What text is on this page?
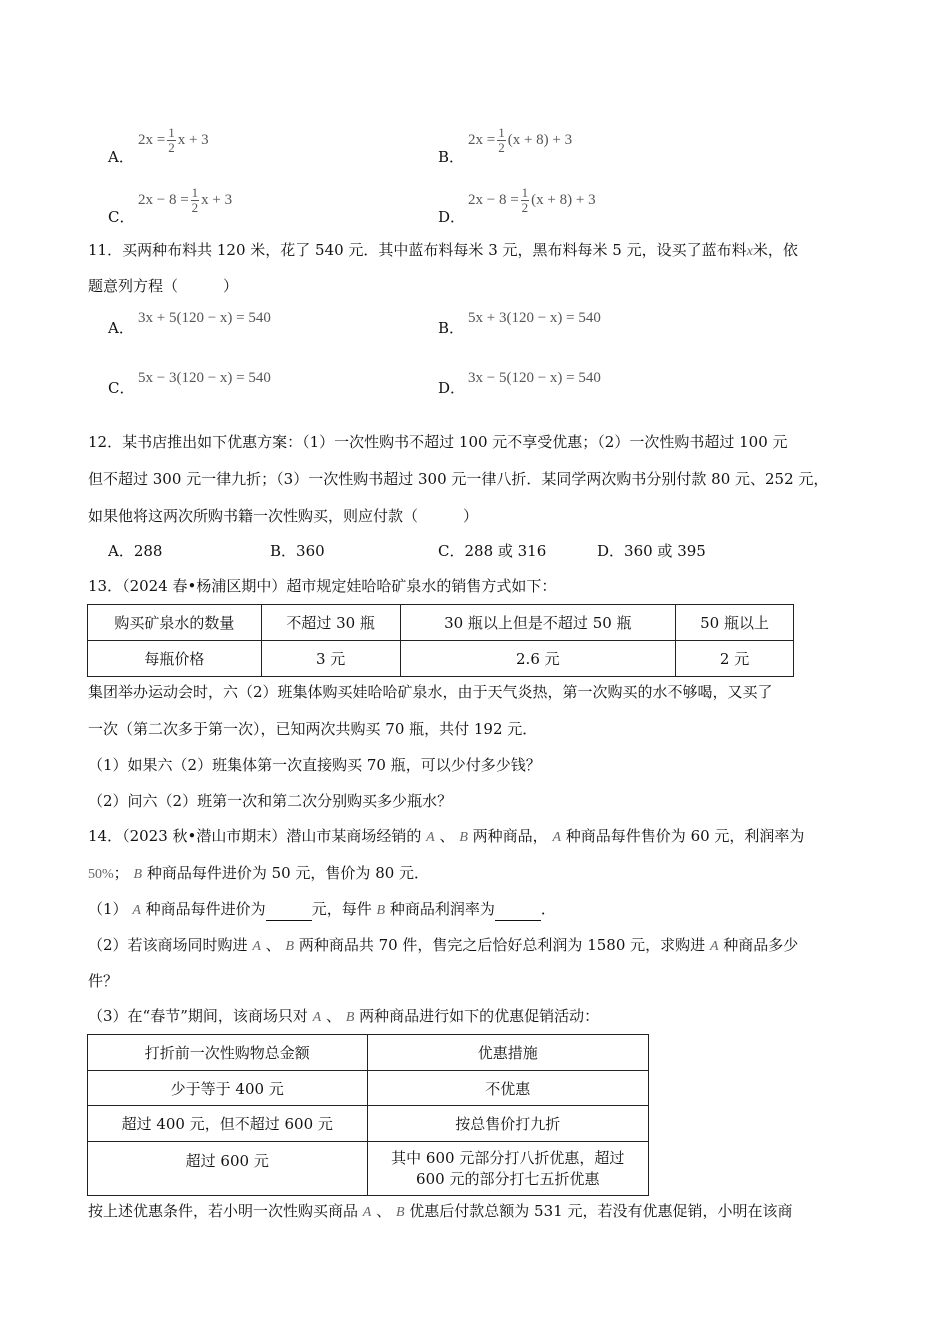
A．
$2x = \frac{1}{2}$ x + 3
B．
$2x = \frac{1}{2} (x + 8) + 3$
C．
$2x - 8 = \frac{1}{2}$ x + 3
D．
$2x - 8 = \frac{1}{2} (x + 8) + 3$
11．买两种布料共 120 米，花了 540 元．其中蓝布料每米 3 元，黑布料每米 5 元，设买了蓝布料x米，依
题意列方程（　　　）
A．
3x + 5(120 − x) = 540
B．
5x + 3(120 − x) = 540
C．
5x − 3(120 − x) = 540
D．
3x − 5(120 − x) = 540
12．某书店推出如下优惠方案：（1）一次性购书不超过 100 元不享受优惠；（2）一次性购书超过 100 元
但不超过 300 元一律九折；（3）一次性购书超过 300 元一律八折．某同学两次购书分别付款 80 元、252 元，
如果他将这两次所购书籍一次性购买，则应付款（　　　）
A．288	B．360	C．288 或 316	D．360 或 395
13．（2024 春•杨浦区期中）超市规定娃哈哈矿泉水的销售方式如下：
购买矿泉水的数量	不超过 30 瓶	30 瓶以上但是不超过 50 瓶	50 瓶以上
每瓶价格	3 元	2.6 元	2 元
集团举办运动会时，六（2）班集体购买娃哈哈矿泉水，由于天气炎热，第一次购买的水不够喝，又买了
一次（第二次多于第一次），已知两次共购买 70 瓶，共付 192 元．
（1）如果六（2）班集体第一次直接购买 70 瓶，可以少付多少钱？
（2）问六（2）班第一次和第二次分别购买多少瓶水？
14．（2023 秋•潜山市期末）潜山市某商场经销的 A 、 B 两种商品， A 种商品每件售价为 60 元，利润率为
50%； B 种商品每件进价为 50 元，售价为 80 元．
（1） A 种商品每件进价为	元，每件 B 种商品利润率为	．
（2）若该商场同时购进 A 、 B 两种商品共 70 件，售完之后恰好总利润为 1580 元，求购进 A 种商品多少
件？
（3）在“春节”期间，该商场只对 A 、 B 两种商品进行如下的优惠促销活动：
打折前一次性购物总金额	优惠措施
少于等于 400 元	不优惠
超过 400 元，但不超过 600 元	按总售价打九折
超过 600 元	其中 600 元部分打八折优惠，超过
600 元的部分打七五折优惠
按上述优惠条件，若小明一次性购买商品 A 、 B 优惠后付款总额为 531 元，若没有优惠促销，小明在该商
